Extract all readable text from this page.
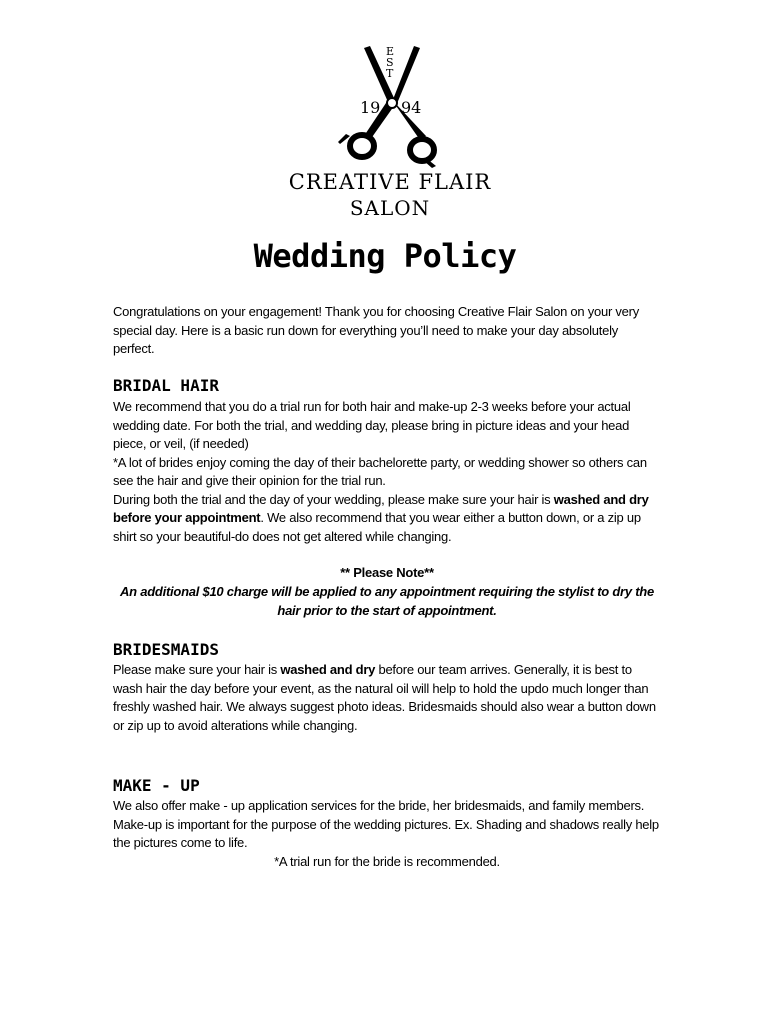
E
S
T
19 94
CREATIVE FLAIR
SALON
Wedding Policy

Congratulations on your engagement! Thank you for choosing Creative Flair Salon on your very special day. Here is a basic run down for everything you’ll need to make your day absolutely perfect.

BRIDAL HAIR
We recommend that you do a trial run for both hair and make-up 2-3 weeks before your actual wedding date. For both the trial, and wedding day, please bring in picture ideas and your head piece, or veil, (if needed)
*A lot of brides enjoy coming the day of their bachelorette party, or wedding shower so others can see the hair and give their opinion for the trial run.
During both the trial and the day of your wedding, please make sure your hair is washed and dry before your appointment. We also recommend that you wear either a button down, or a zip up shirt so your beautiful-do does not get altered while changing.
** Please Note**
An additional $10 charge will be applied to any appointment requiring the stylist to dry the hair prior to the start of appointment.
BRIDESMAIDS

Please make sure your hair is washed and dry before our team arrives. Generally, it is best to wash hair the day before your event, as the natural oil will help to hold the updo much longer than freshly washed hair. We always suggest photo ideas. Bridesmaids should also wear a button down or zip up to avoid alterations while changing.

MAKE - UP
We also offer make - up application services for the bride, her bridesmaids, and family members. Make-up is important for the purpose of the wedding pictures. Ex. Shading and shadows really help the pictures come to life.
*A trial run for the bride is recommended.
